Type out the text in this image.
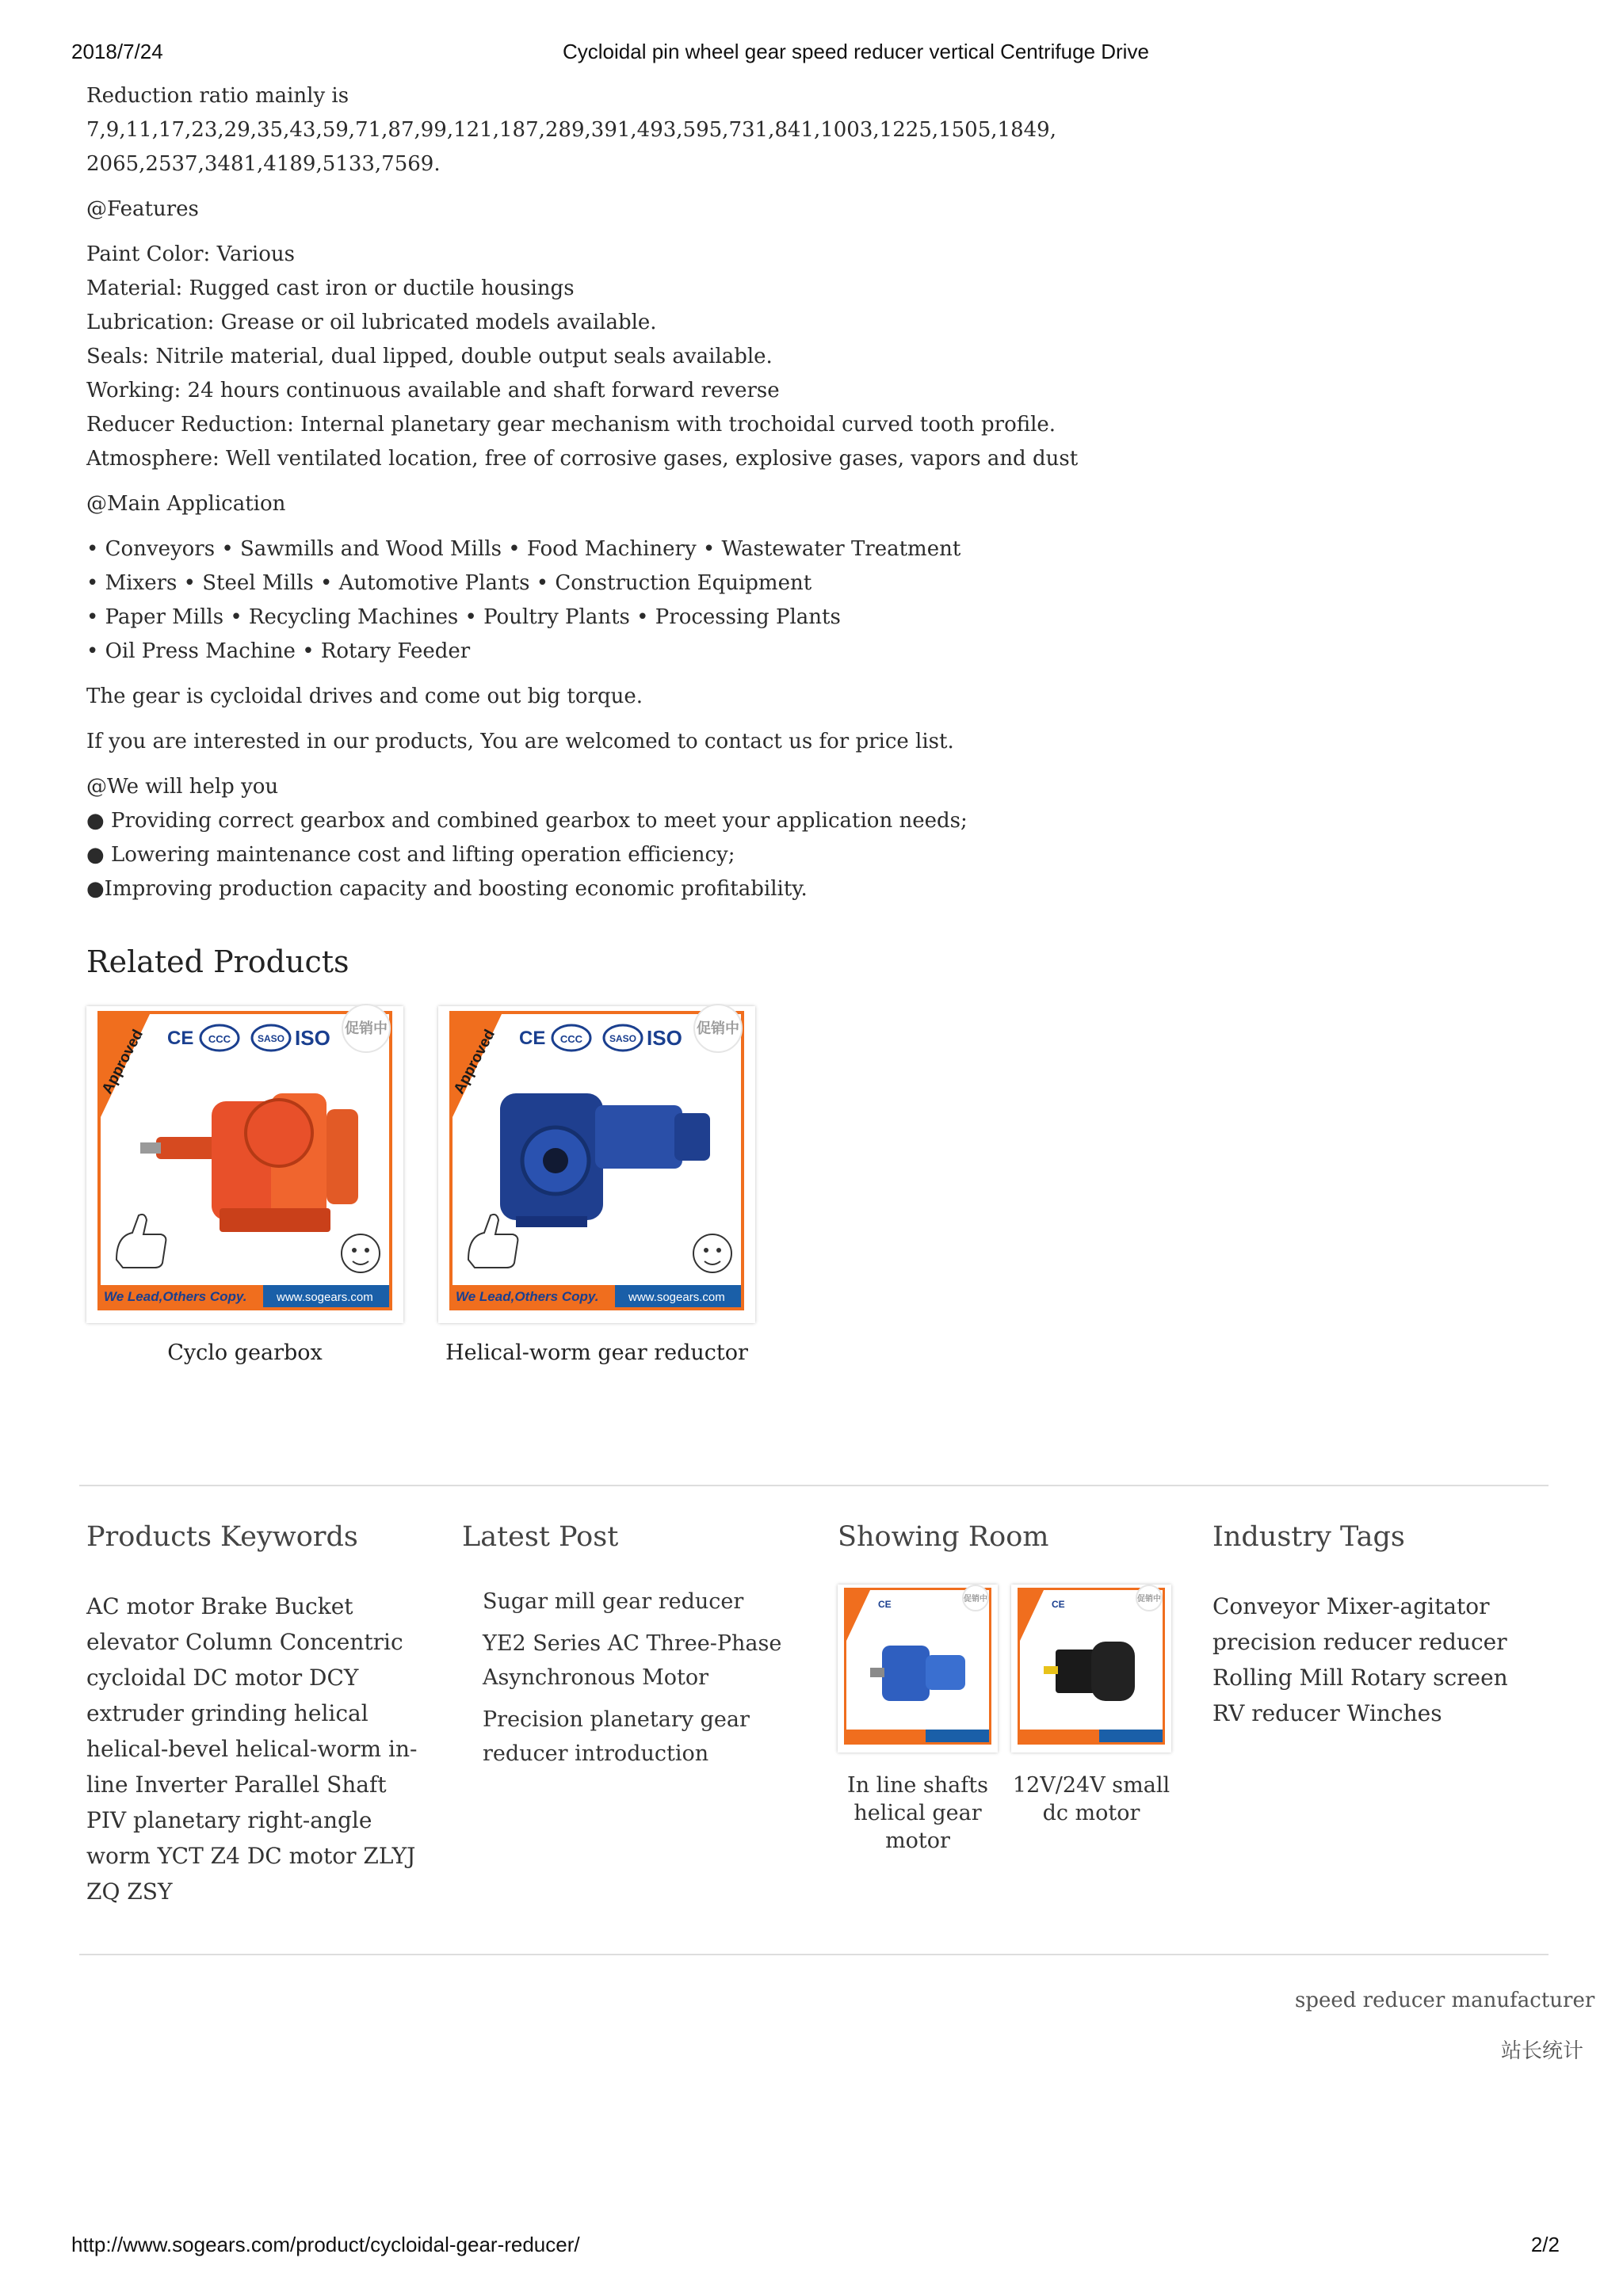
2018/7/24	Cycloidal pin wheel gear speed reducer vertical Centrifuge Drive

Reduction ratio mainly is

7,9,11,17,23,29,35,43,59,71,87,99,121,187,289,391,493,595,731,841,1003,1225,1505,1849,

2065,2537,3481,4189,5133,7569.

@Features

Paint Color: Various

Material: Rugged cast iron or ductile housings

Lubrication: Grease or oil lubricated models available.

Seals: Nitrile material, dual lipped, double output seals available.

Working: 24 hours continuous available and shaft forward reverse

Reducer Reduction: Internal planetary gear mechanism with trochoidal curved tooth profile.

Atmosphere: Well ventilated location, free of corrosive gases, explosive gases, vapors and dust

@Main Application

• Conveyors • Sawmills and Wood Mills • Food Machinery • Wastewater Treatment

• Mixers • Steel Mills • Automotive Plants • Construction Equipment

• Paper Mills • Recycling Machines • Poultry Plants • Processing Plants

• Oil Press Machine • Rotary Feeder

The gear is cycloidal drives and come out big torque.

If you are interested in our products, You are welcomed to contact us for price list.

@We will help you

● Providing correct gearbox and combined gearbox to meet your application needs;

● Lowering maintenance cost and lifting operation efficiency;

●Improving production capacity and boosting economic profitability.

Related Products
Approved CE CCC	SASO ISO 促销中
We Lead,Others Copy.	www.sogears.com
Cyclo gearbox
Approved CE CCC	SASO ISO 促销中
We Lead,Others Copy.	www.sogears.com
Helical-worm gear reductor
Products Keywords
AC motor Brake Bucket elevator Column Concentric cycloidal DC motor DCY extruder grinding helical helical-bevel helical-worm in-line Inverter Parallel Shaft PIV planetary right-angle worm YCT Z4 DC motor ZLYJ ZQ ZSY
Latest Post
Sugar mill gear reducer
YE2 Series AC Three-Phase Asynchronous Motor
Precision planetary gear reducer introduction
Showing Room
CE	促销中
In line shafts helical gear motor
CE	促销中
12V/24V small dc motor
Industry Tags
Conveyor Mixer-agitator precision reducer reducer Rolling Mill Rotary screen RV reducer Winches
speed reducer manufacturer
站长统计
http://www.sogears.com/product/cycloidal-gear-reducer/	2/2
